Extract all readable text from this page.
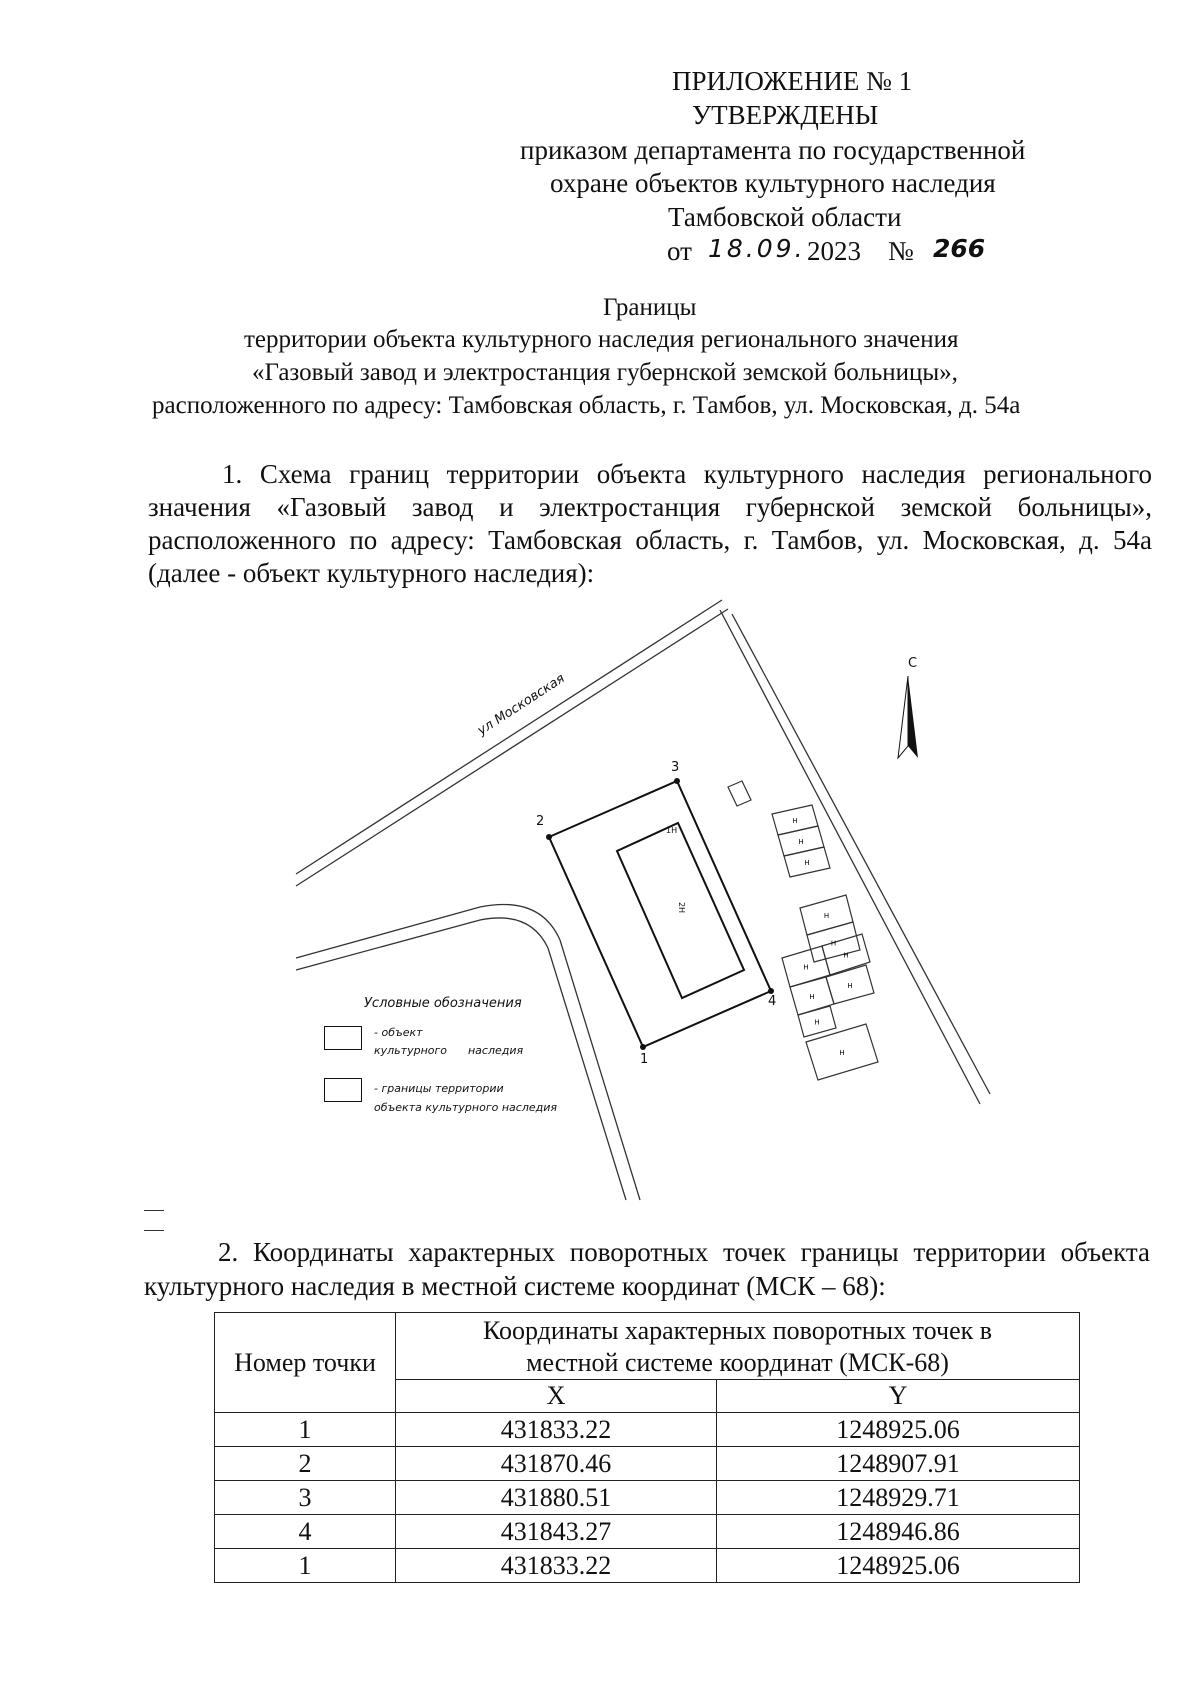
ПРИЛОЖЕНИЕ № 1
УТВЕРЖДЕНЫ
приказом департамента по государственной
охране объектов культурного наследия
Тамбовской области
от 18.09. 2023 № 266
Границы
территории объекта культурного наследия регионального значения
«Газовый завод и электростанция губернской земской больницы»,
расположенного по адресу: Тамбовская область, г. Тамбов, ул. Московская, д. 54а
1. Схема границ территории объекта культурного наследия регионального
значения «Газовый завод и электростанция губернской земской больницы»,
расположенного по адресу: Тамбовская область, г. Тамбов, ул. Московская, д. 54а
(далее - объект культурного наследия):
Н
Н
Н
Н
Н
Н
Н
Н
Н
Н
Н
ул Московская
С
1
2
3
4
1Н
2Н
Условные обозначения
- объект
культурного      наследия
- границы территории
объекта культурного наследия
2. Координаты характерных поворотных точек границы территории объекта
культурного наследия в местной системе координат (МСК – 68):
Номер точки	Координаты характерных поворотных точек в
местной системе координат (МСК-68)	

	X	Y
1	431833.22	1248925.06
2	431870.46	1248907.91
3	431880.51	1248929.71
4	431843.27	1248946.86
1	431833.22	1248925.06
